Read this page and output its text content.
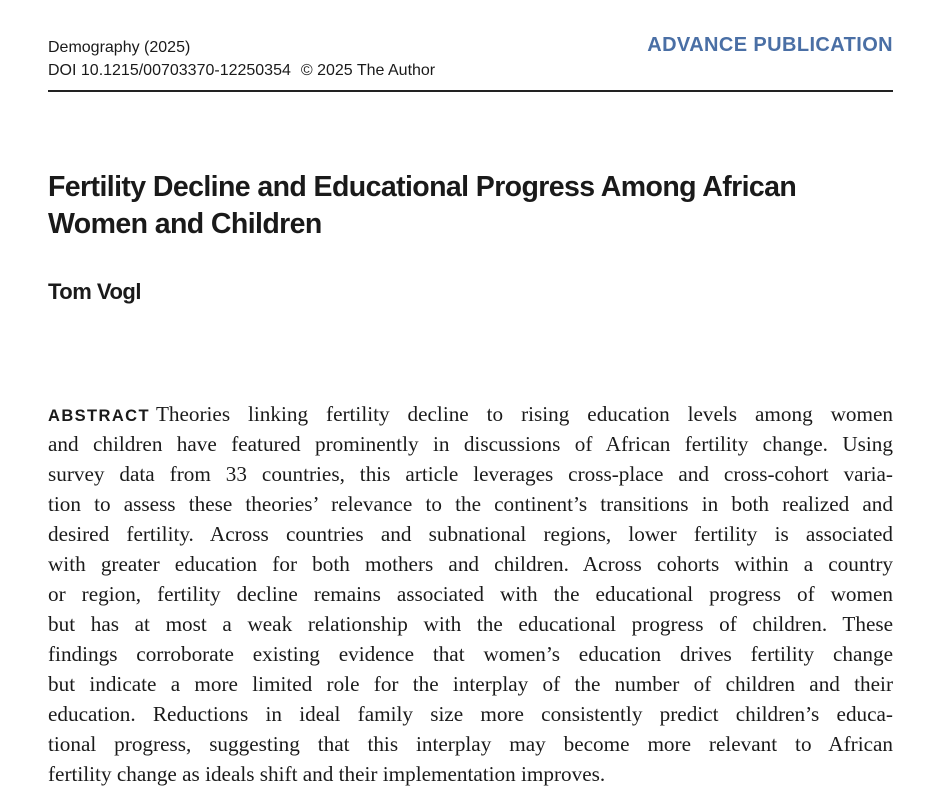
Demography (2025)
DOI 10.1215/00703370-12250354 © 2025 The Author
ADVANCE PUBLICATION
Fertility Decline and Educational Progress Among African
Women and Children
Tom Vogl
ABSTRACT Theories linking fertility decline to rising education levels among women
and children have featured prominently in discussions of African fertility change. Using
survey data from 33 countries, this article leverages cross-place and cross-cohort varia-
tion to assess these theories’ relevance to the continent’s transitions in both realized and
desired fertility. Across countries and subnational regions, lower fertility is associated
with greater education for both mothers and children. Across cohorts within a country
or region, fertility decline remains associated with the educational progress of women
but has at most a weak relationship with the educational progress of children. These
findings corroborate existing evidence that women’s education drives fertility change
but indicate a more limited role for the interplay of the number of children and their
education. Reductions in ideal family size more consistently predict children’s educa-
tional progress, suggesting that this interplay may become more relevant to African
fertility change as ideals shift and their implementation improves.
